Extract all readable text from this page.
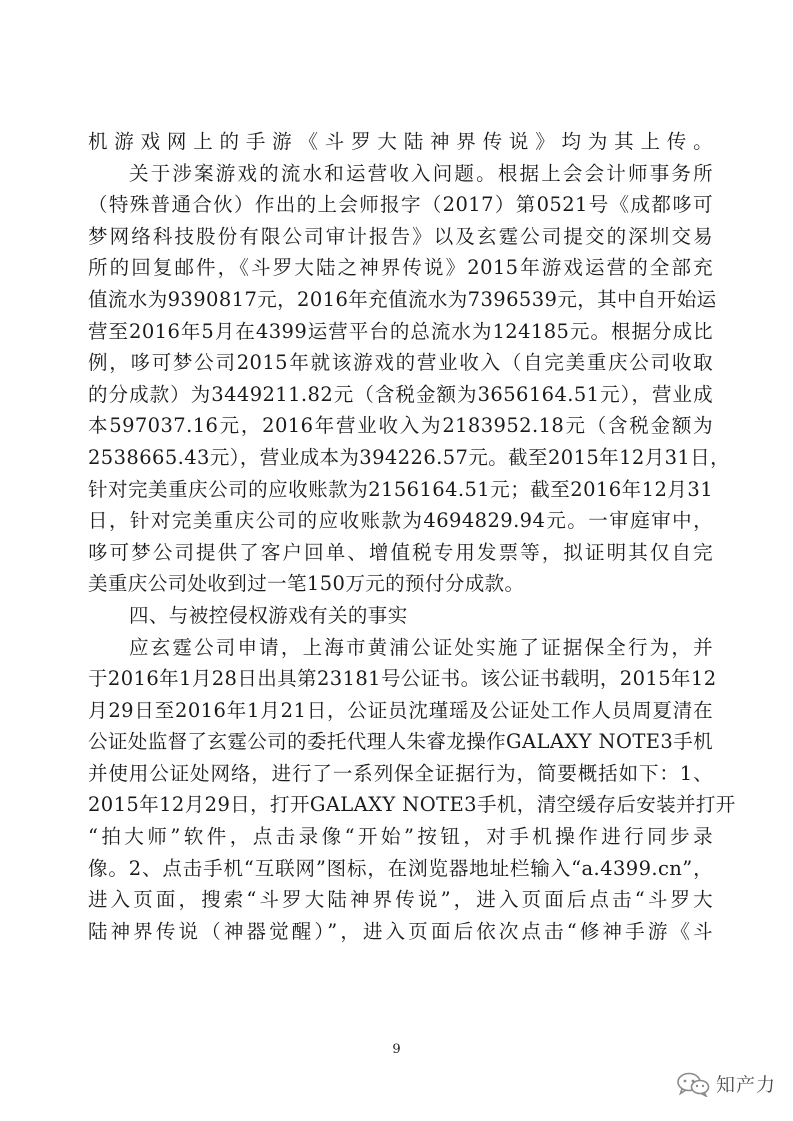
机游戏网上的手游《斗罗大陆神界传说》均为其上传。
关于涉案游戏的流水和运营收入问题。根据上会会计师事务所
（特殊普通合伙）作出的上会师报字（2017）第0521号《成都哆可
梦网络科技股份有限公司审计报告》以及玄霆公司提交的深圳交易
所的回复邮件，《斗罗大陆之神界传说》2015年游戏运营的全部充
值流水为9390817元，2016年充值流水为7396539元，其中自开始运
营至2016年5月在4399运营平台的总流水为124185元。根据分成比
例，哆可梦公司2015年就该游戏的营业收入（自完美重庆公司收取
的分成款）为3449211.82元（含税金额为3656164.51元），营业成
本597037.16元，2016年营业收入为2183952.18元（含税金额为
2538665.43元），营业成本为394226.57元。截至2015年12月31日，
针对完美重庆公司的应收账款为2156164.51元；截至2016年12月31
日，针对完美重庆公司的应收账款为4694829.94元。一审庭审中，
哆可梦公司提供了客户回单、增值税专用发票等，拟证明其仅自完
美重庆公司处收到过一笔150万元的预付分成款。
四、与被控侵权游戏有关的事实
应玄霆公司申请，上海市黄浦公证处实施了证据保全行为，并
于2016年1月28日出具第23181号公证书。该公证书载明，2015年12
月29日至2016年1月21日，公证员沈瑾瑶及公证处工作人员周夏清在
公证处监督了玄霆公司的委托代理人朱睿龙操作GALAXY NOTE3手机
并使用公证处网络，进行了一系列保全证据行为，简要概括如下：1、
2015年12月29日，打开GALAXY NOTE3手机，清空缓存后安装并打开
“拍大师”软件，点击录像“开始”按钮，对手机操作进行同步录
像。2、点击手机“互联网”图标，在浏览器地址栏输入“a.4399.cn”，
进入页面，搜索“斗罗大陆神界传说”，进入页面后点击“斗罗大
陆神界传说（神器觉醒）”，进入页面后依次点击“修神手游《斗
9
知产力
